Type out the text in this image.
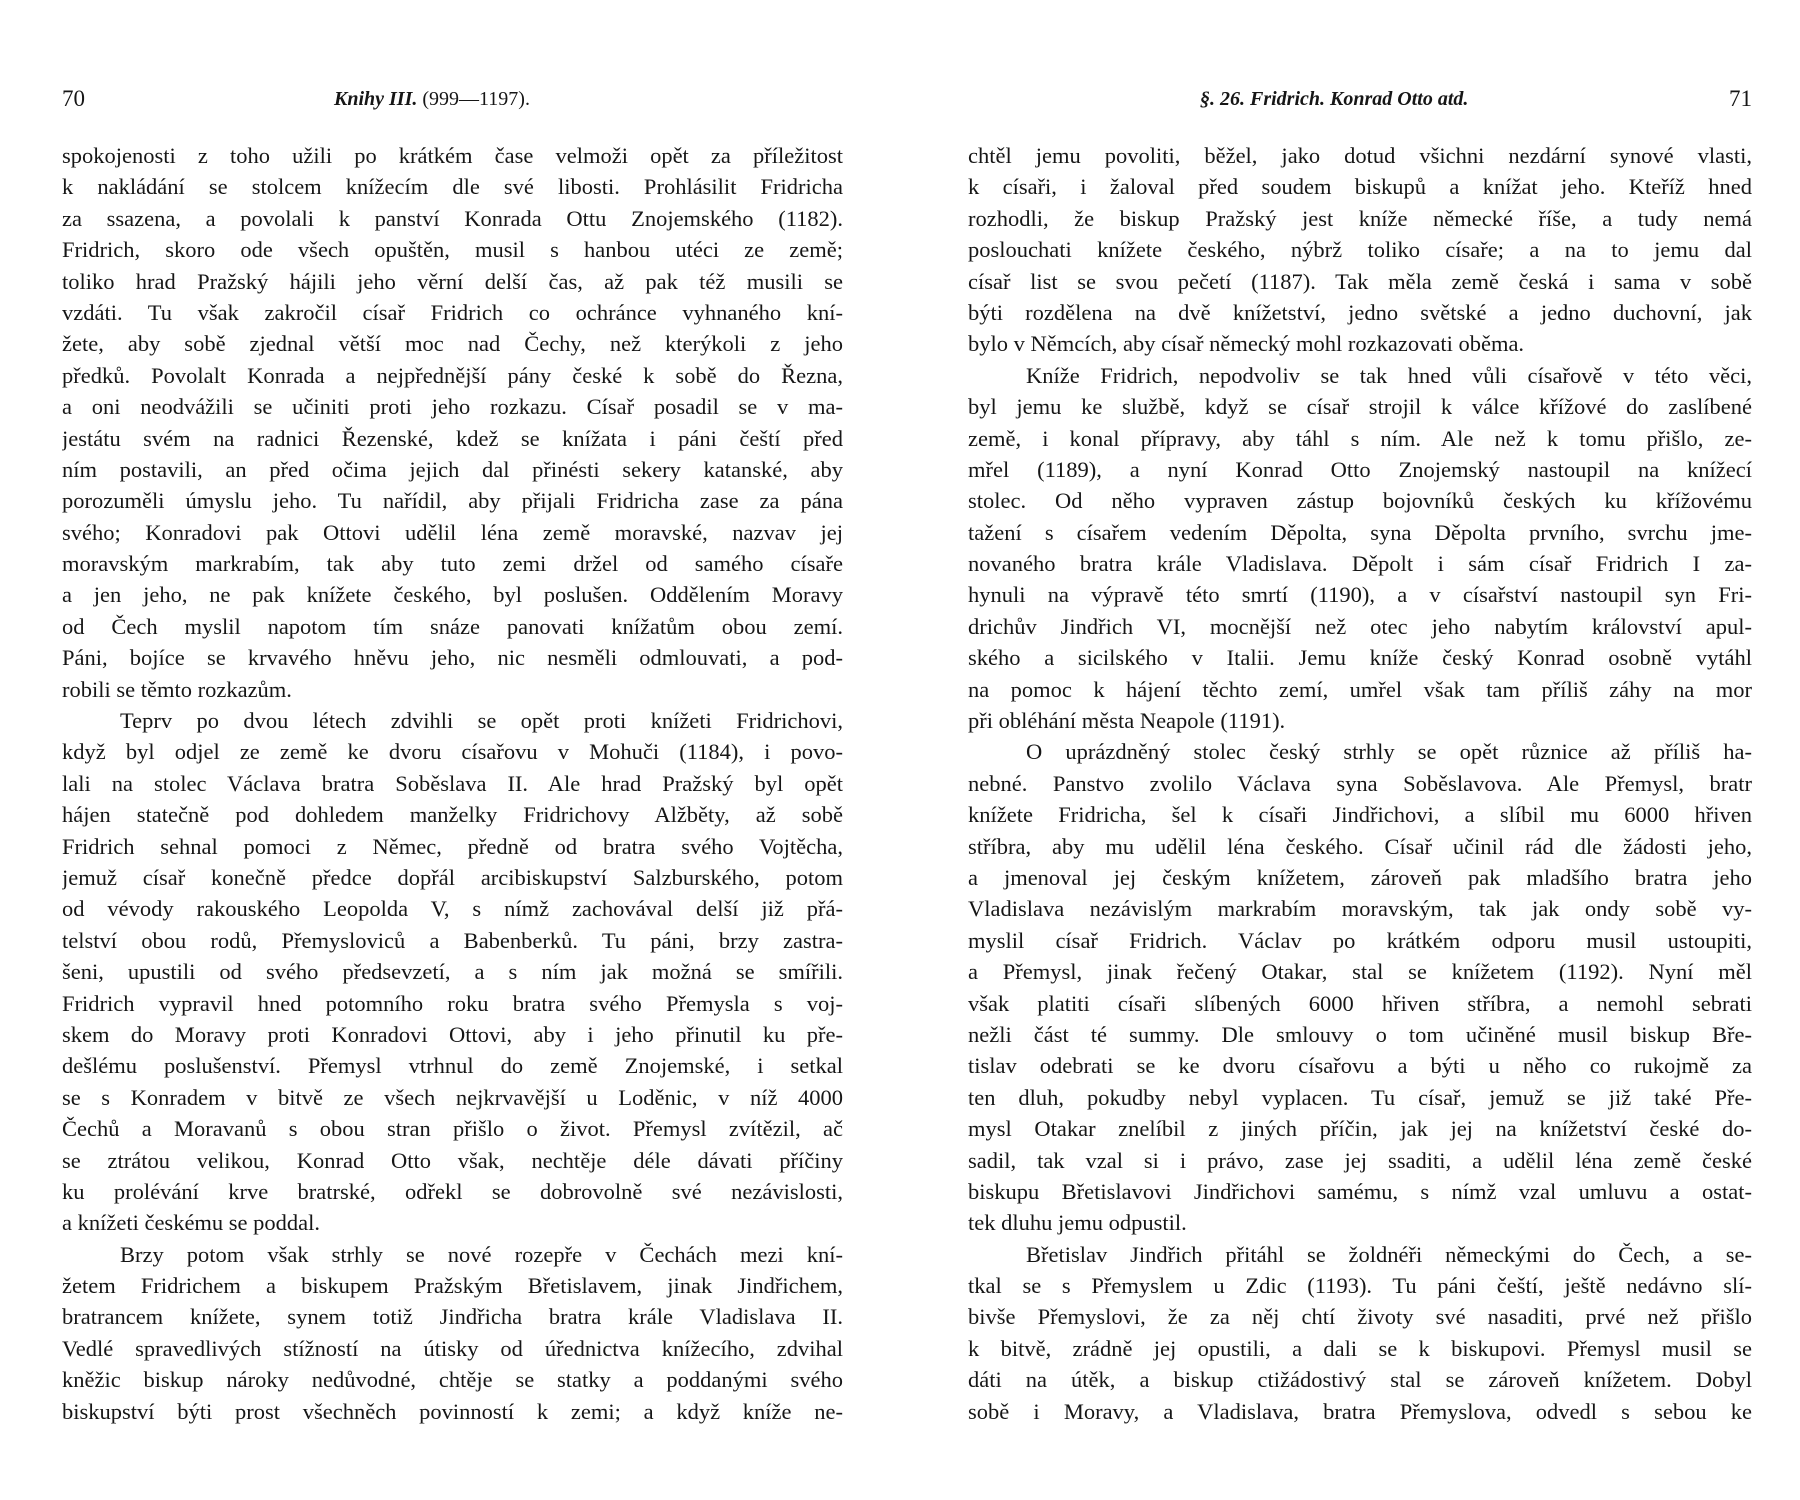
70	Knihy III. (999—1197).
spokojenosti z toho užili po krátkém čase velmoži opět za příležitost
k nakládání se stolcem knížecím dle své libosti. Prohlásilit Fridricha
za ssazena, a povolali k panství Konrada Ottu Znojemského (1182).
Fridrich, skoro ode všech opuštěn, musil s hanbou utéci ze země;
toliko hrad Pražský hájili jeho věrní delší čas, až pak též musili se
vzdáti. Tu však zakročil císař Fridrich co ochránce vyhnaného kní-
žete, aby sobě zjednal větší moc nad Čechy, než kterýkoli z jeho
předků. Povolalt Konrada a nejpřednější pány české k sobě do Řezna,
a oni neodvážili se učiniti proti jeho rozkazu. Císař posadil se v ma-
jestátu svém na radnici Řezenské, kdež se knížata i páni čeští před
ním postavili, an před očima jejich dal přinésti sekery katanské, aby
porozuměli úmyslu jeho. Tu nařídil, aby přijali Fridricha zase za pána
svého; Konradovi pak Ottovi udělil léna země moravské, nazvav jej
moravským markrabím, tak aby tuto zemi držel od samého císaře
a jen jeho, ne pak knížete českého, byl poslušen. Oddělením Moravy
od Čech myslil napotom tím snáze panovati knížatům obou zemí.
Páni, bojíce se krvavého hněvu jeho, nic nesměli odmlouvati, a pod-
robili se těmto rozkazům.
Teprv po dvou létech zdvihli se opět proti knížeti Fridrichovi,
když byl odjel ze země ke dvoru císařovu v Mohuči (1184), i povo-
lali na stolec Václava bratra Soběslava II. Ale hrad Pražský byl opět
hájen statečně pod dohledem manželky Fridrichovy Alžběty, až sobě
Fridrich sehnal pomoci z Němec, předně od bratra svého Vojtěcha,
jemuž císař konečně předce dopřál arcibiskupství Salzburského, potom
od vévody rakouského Leopolda V, s nímž zachovával delší již přá-
telství obou rodů, Přemysloviců a Babenberků. Tu páni, brzy zastra-
šeni, upustili od svého předsevzetí, a s ním jak možná se smířili.
Fridrich vypravil hned potomního roku bratra svého Přemysla s voj-
skem do Moravy proti Konradovi Ottovi, aby i jeho přinutil ku pře-
dešlému poslušenství. Přemysl vtrhnul do země Znojemské, i setkal
se s Konradem v bitvě ze všech nejkrvavější u Loděnic, v níž 4000
Čechů a Moravanů s obou stran přišlo o život. Přemysl zvítězil, ač
se ztrátou velikou, Konrad Otto však, nechtěje déle dávati příčiny
ku prolévání krve bratrské, odřekl se dobrovolně své nezávislosti,
a knížeti českému se poddal.
Brzy potom však strhly se nové rozepře v Čechách mezi kní-
žetem Fridrichem a biskupem Pražským Břetislavem, jinak Jindřichem,
bratrancem knížete, synem totiž Jindřicha bratra krále Vladislava II.
Vedlé spravedlivých stížností na útisky od úřednictva knížecího, zdvihal
kněžic biskup nároky nedůvodné, chtěje se statky a poddanými svého
biskupství býti prost všechněch povinností k zemi; a když kníže ne-
§. 26. Fridrich. Konrad Otto atd.	71
chtěl jemu povoliti, běžel, jako dotud všichni nezdární synové vlasti,
k císaři, i žaloval před soudem biskupů a knížat jeho. Kteříž hned
rozhodli, že biskup Pražský jest kníže německé říše, a tudy nemá
poslouchati knížete českého, nýbrž toliko císaře; a na to jemu dal
císař list se svou pečetí (1187). Tak měla země česká i sama v sobě
býti rozdělena na dvě knížetství, jedno světské a jedno duchovní, jak
bylo v Němcích, aby císař německý mohl rozkazovati oběma.
Kníže Fridrich, nepodvoliv se tak hned vůli císařově v této věci,
byl jemu ke službě, když se císař strojil k válce křížové do zaslíbené
země, i konal přípravy, aby táhl s ním. Ale než k tomu přišlo, ze-
mřel (1189), a nyní Konrad Otto Znojemský nastoupil na knížecí
stolec. Od něho vypraven zástup bojovníků českých ku křížovému
tažení s císařem vedením Děpolta, syna Děpolta prvního, svrchu jme-
novaného bratra krále Vladislava. Děpolt i sám císař Fridrich I za-
hynuli na výpravě této smrtí (1190), a v císařství nastoupil syn Fri-
drichův Jindřich VI, mocnější než otec jeho nabytím království apul-
ského a sicilského v Italii. Jemu kníže český Konrad osobně vytáhl
na pomoc k hájení těchto zemí, umřel však tam příliš záhy na mor
při obléhání města Neapole (1191).
O uprázdněný stolec český strhly se opět různice až příliš ha-
nebné. Panstvo zvolilo Václava syna Soběslavova. Ale Přemysl, bratr
knížete Fridricha, šel k císaři Jindřichovi, a slíbil mu 6000 hřiven
stříbra, aby mu udělil léna českého. Císař učinil rád dle žádosti jeho,
a jmenoval jej českým knížetem, zároveň pak mladšího bratra jeho
Vladislava nezávislým markrabím moravským, tak jak ondy sobě vy-
myslil císař Fridrich. Václav po krátkém odporu musil ustoupiti,
a Přemysl, jinak řečený Otakar, stal se knížetem (1192). Nyní měl
však platiti císaři slíbených 6000 hřiven stříbra, a nemohl sebrati
nežli část té summy. Dle smlouvy o tom učiněné musil biskup Bře-
tislav odebrati se ke dvoru císařovu a býti u něho co rukojmě za
ten dluh, pokudby nebyl vyplacen. Tu císař, jemuž se již také Pře-
mysl Otakar znelíbil z jiných příčin, jak jej na knížetství české do-
sadil, tak vzal si i právo, zase jej ssaditi, a udělil léna země české
biskupu Břetislavovi Jindřichovi samému, s nímž vzal umluvu a ostat-
tek dluhu jemu odpustil.
Břetislav Jindřich přitáhl se žoldnéři německými do Čech, a se-
tkal se s Přemyslem u Zdic (1193). Tu páni čeští, ještě nedávno slí-
bivše Přemyslovi, že za něj chtí životy své nasaditi, prvé než přišlo
k bitvě, zrádně jej opustili, a dali se k biskupovi. Přemysl musil se
dáti na útěk, a biskup ctižádostivý stal se zároveň knížetem. Dobyl
sobě i Moravy, a Vladislava, bratra Přemyslova, odvedl s sebou ke
